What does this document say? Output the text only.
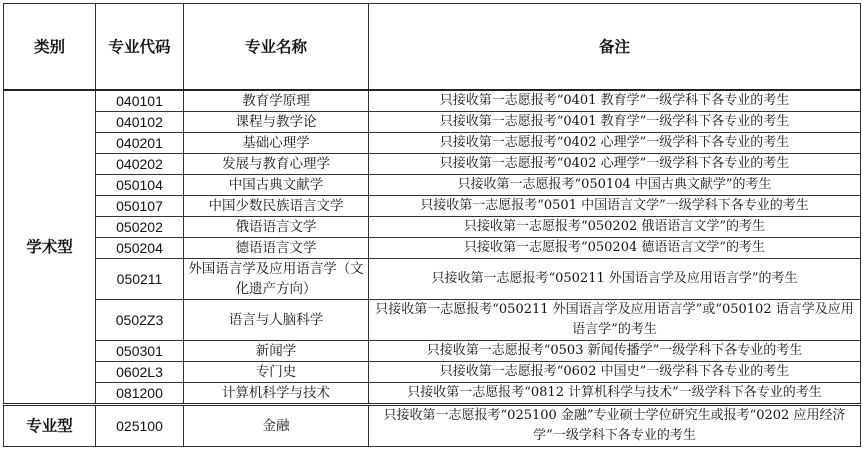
类别	专业代码	专业名称	备注
学术型	040101	教育学原理	只接收第一志愿报考“0401 教育学”一级学科下各专业的考生
	040102	课程与教学论	只接收第一志愿报考“0401 教育学”一级学科下各专业的考生
	040201	基础心理学	只接收第一志愿报考“0402 心理学”一级学科下各专业的考生
	040202	发展与教育心理学	只接收第一志愿报考“0402 心理学”一级学科下各专业的考生
	050104	中国古典文献学	只接收第一志愿报考“050104 中国古典文献学”的考生
	050107	中国少数民族语言文学	只接收第一志愿报考“0501 中国语言文学”一级学科下各专业的考生
	050202	俄语语言文学	只接收第一志愿报考“050202 俄语语言文学”的考生
	050204	德语语言文学	只接收第一志愿报考“050204 德语语言文学”的考生
	050211	外国语言学及应用语言学（文化遗产方向）	只接收第一志愿报考“050211 外国语言学及应用语言学”的考生
	0502Z3	语言与人脑科学	只接收第一志愿报考“050211 外国语言学及应用语言学”或“050102 语言学及应用语言学”的考生
	050301	新闻学	只接收第一志愿报考“0503 新闻传播学”一级学科下各专业的考生
	0602L3	专门史	只接收第一志愿报考“0602 中国史”一级学科下各专业的考生
	081200	计算机科学与技术	只接收第一志愿报考“0812 计算机科学与技术”一级学科下各专业的考生
专业型	025100	金融	只接收第一志愿报考“025100 金融”专业硕士学位研究生或报考“0202 应用经济学”一级学科下各专业的考生
